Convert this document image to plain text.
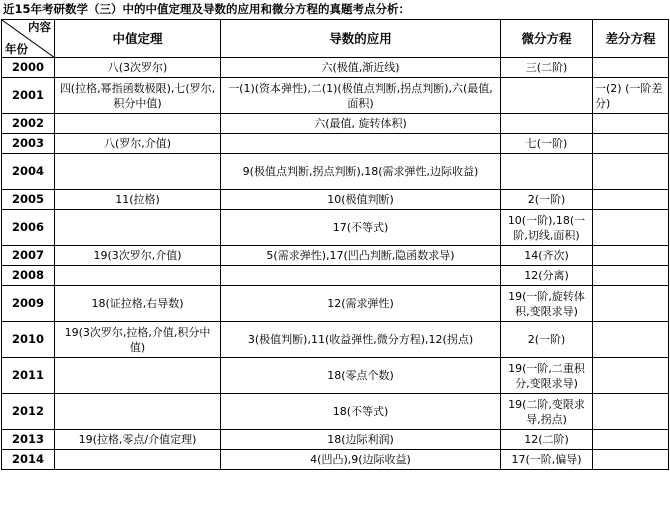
近15年考研数学（三）中的中值定理及导数的应用和微分方程的真题考点分析：
内容
年份	中值定理	导数的应用	微分方程	差分方程
2000	八(3次罗尔)	六(极值,渐近线)	三(二阶)	
2001	四(拉格,幂指函数极限),七(罗尔,积分中值)	一(1)(资本弹性),二(1)(极值点判断,拐点判断),六(最值,面积)		一(2) (一阶差分)
2002		六(最值, 旋转体积)		
2003	八(罗尔,介值)		七(一阶)	
2004		9(极值点判断,拐点判断),18(需求弹性,边际收益)		
2005	11(拉格)	10(极值判断)	2(一阶)	
2006		17(不等式)	10(一阶),18(一阶,切线,面积)	
2007	19(3次罗尔,介值)	5(需求弹性),17(凹凸判断,隐函数求导)	14(齐次)	
2008			12(分离)	
2009	18(证拉格,右导数)	12(需求弹性)	19(一阶,旋转体积,变限求导)	
2010	19(3次罗尔,拉格,介值,积分中值)	3(极值判断),11(收益弹性,微分方程),12(拐点)	2(一阶)	
2011		18(零点个数)	19(一阶,二重积分,变限求导)	
2012		18(不等式)	19(二阶,变限求导,拐点)	
2013	19(拉格,零点/介值定理)	18(边际利润)	12(二阶)	
2014		4(凹凸),9(边际收益)	17(一阶,偏导)	
